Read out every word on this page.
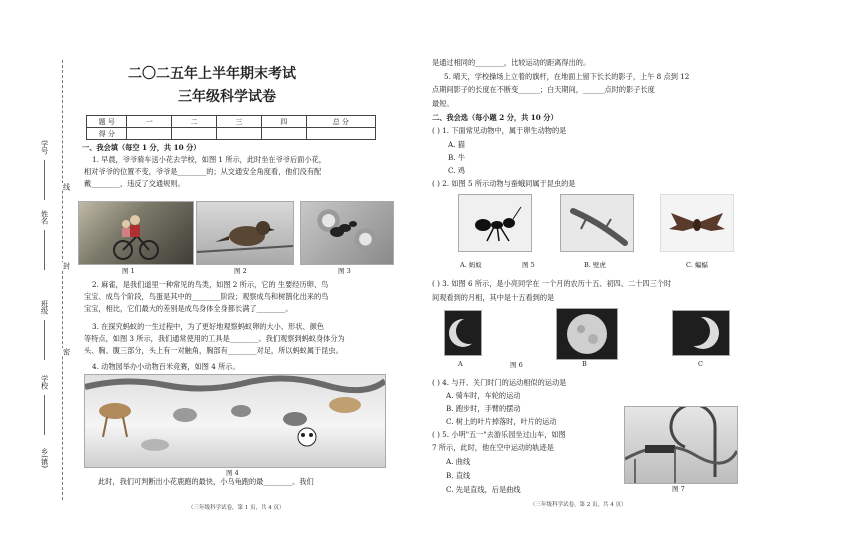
学号
姓名
班级
学校
乡(镇)
线
封
密
二〇二五年上半年期末考试
三年级科学试卷
题 号	一	二	三	四	总 分
得 分					
一、我会填（每空 1 分，共 10 分）
1. 早晨，爷爷骑车送小花去学校，如图 1 所示，此时坐在爷爷后面小花，
相对爷爷的位置不变，爷爷是________的；从交通安全角度看，他们没有配
戴________，违反了交通规则。
图 1	图 2	图 3
2. 麻雀，是我们道里一种常见的鸟类，如图 2 所示，它的 生要经历卵、鸟
宝宝、成鸟个阶段，鸟蛋是其中的________阶段；观察成鸟和树鹊化出来的鸟
宝宝，相比，它们最大的差别是成鸟身体全身都长满了________。
3. 在探究蚂蚁的一生过程中，为了更好地观察蚂蚁卵的大小、形状、颜色
等特点，如图 3 所示，我们通常使用的工具是________。我们观察到蚂蚁身体分为
头、胸、腹三部分，头上有一对触角，胸部有________对足，所以蚂蚁属于昆虫。
4. 动物园举办小动物百米竞赛，如图 4 所示。
图 4
此时，我们可判断出小花鹿跑的最快，小乌龟跑的最________。我们
（三年级科学试卷，第 1 页，共 4 页）
是通过相同的________，比较运动的距离得出的。
5. 晴天，学校操场上立着的旗杆，在地面上留下长长的影子，上午 8 点到 12
点期间影子的长度在不断变______；白天期间，______点时的影子长度
最短。
二、我会选（每小题 2 分，共 10 分）
( ) 1. 下面常见动物中，属于卵生动物的是
A. 猫
B. 牛
C. 鸡
( ) 2. 如图 5 所示动物与蚕蛾同属于昆虫的是
A. 蚂蚁	图 5	B. 壁虎	C. 蝙蝠
( ) 3. 如图 6 所示，是小亮同学在 一个月的农历十五、初四、二十四三个时
间观看到的月相，其中是十五看到的是
A	图 6	B	C
( ) 4. 与开、关门时门的运动相似的运动是
A. 骑车时，车轮的运动
B. 跑步时，手臂的摆动
C. 树上的叶片掉落时，叶片的运动
( ) 5. 小明"五一"去游乐园坐过山车，如图
7 所示，此时，他在空中运动的轨迹是
A. 曲线
B. 直线
C. 先是直线，后是曲线	图 7
（三年级科学试卷，第 2 页，共 4 页）
